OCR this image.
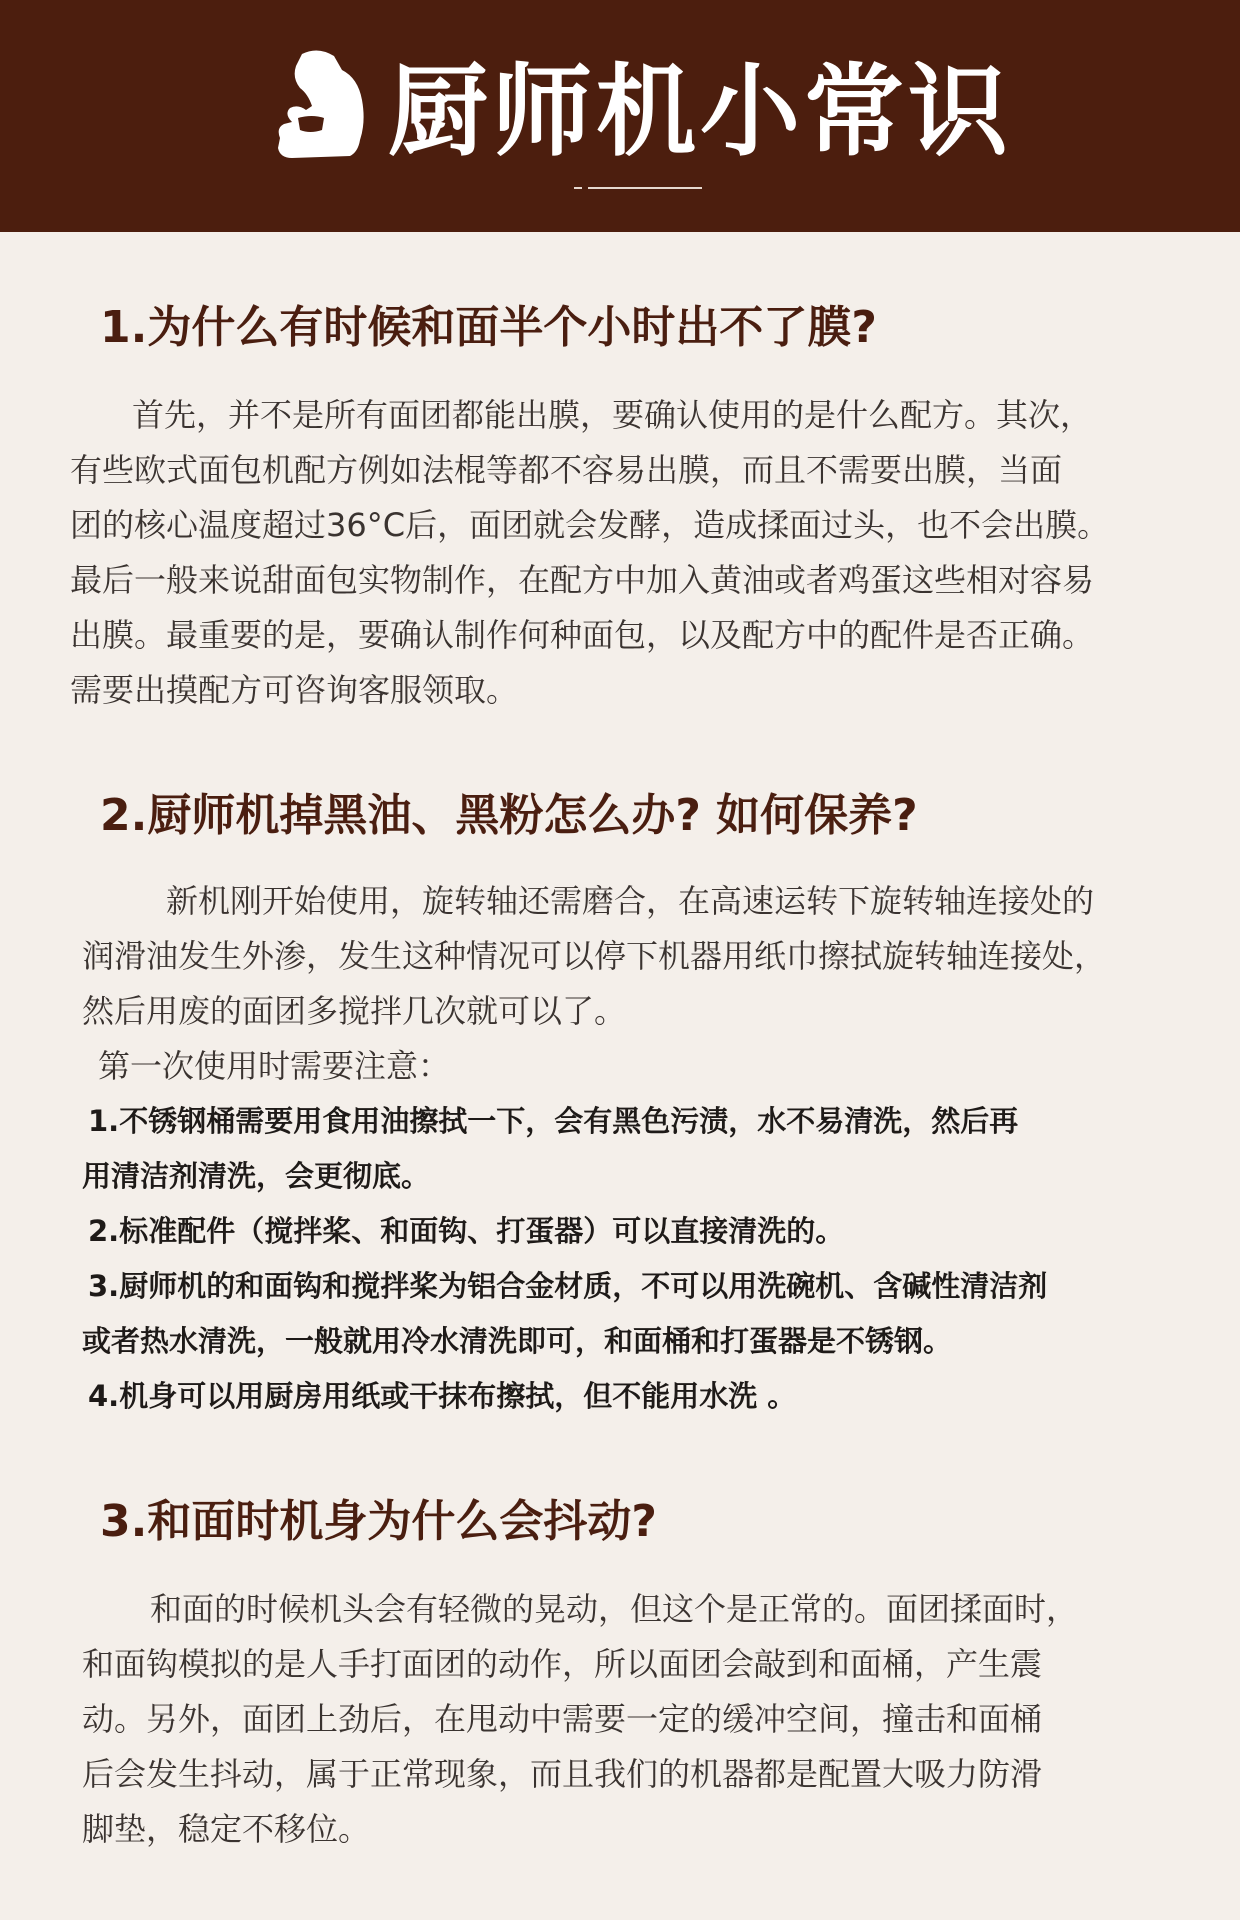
厨师机小常识
1.为什么有时候和面半个小时出不了膜?
首先，并不是所有面团都能出膜，要确认使用的是什么配方。其次，
有些欧式面包机配方例如法棍等都不容易出膜，而且不需要出膜，当面
团的核心温度超过36°C后，面团就会发酵，造成揉面过头，也不会出膜。
最后一般来说甜面包实物制作，在配方中加入黄油或者鸡蛋这些相对容易
出膜。最重要的是，要确认制作何种面包，以及配方中的配件是否正确。
需要出摸配方可咨询客服领取。
2.厨师机掉黑油、黑粉怎么办? 如何保养?
新机刚开始使用，旋转轴还需磨合，在高速运转下旋转轴连接处的
润滑油发生外渗，发生这种情况可以停下机器用纸巾擦拭旋转轴连接处，
然后用废的面团多搅拌几次就可以了。
第一次使用时需要注意：
1.不锈钢桶需要用食用油擦拭一下，会有黑色污渍，水不易清洗，然后再
用清洁剂清洗，会更彻底。
2.标准配件（搅拌桨、和面钩、打蛋器）可以直接清洗的。
3.厨师机的和面钩和搅拌桨为铝合金材质，不可以用洗碗机、含碱性清洁剂
或者热水清洗，一般就用冷水清洗即可，和面桶和打蛋器是不锈钢。
4.机身可以用厨房用纸或干抹布擦拭，但不能用水洗 。
3.和面时机身为什么会抖动?
和面的时候机头会有轻微的晃动，但这个是正常的。面团揉面时，
和面钩模拟的是人手打面团的动作，所以面团会敲到和面桶，产生震
动。另外，面团上劲后，在甩动中需要一定的缓冲空间，撞击和面桶
后会发生抖动，属于正常现象，而且我们的机器都是配置大吸力防滑
脚垫，稳定不移位。
